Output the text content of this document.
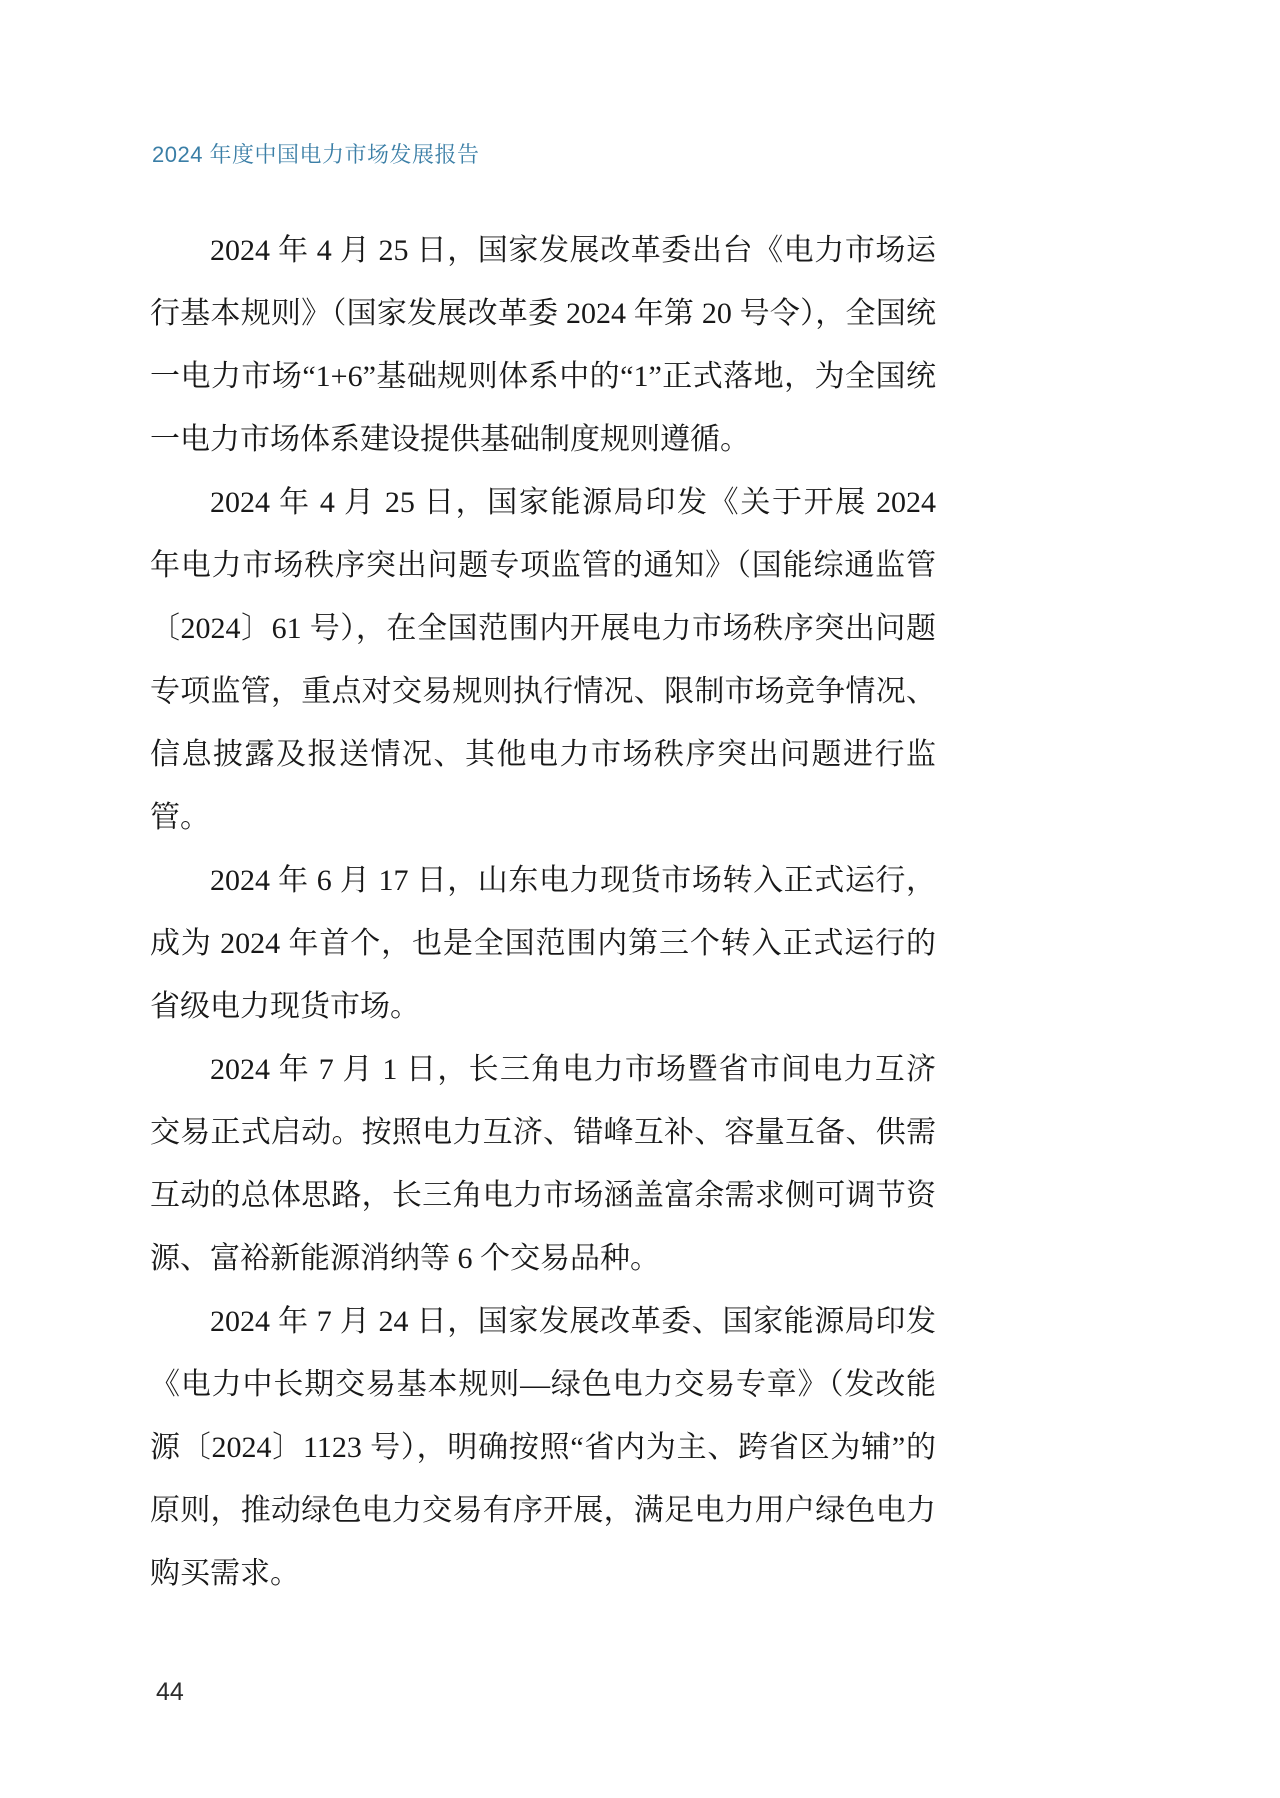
2024 年度中国电力市场发展报告

2024 年 4 月 25 日，国家发展改革委出台《电力市场运行基本规则》（国家发展改革委 2024 年第 20 号令），全国统一电力市场“1+6”基础规则体系中的“1”正式落地，为全国统一电力市场体系建设提供基础制度规则遵循。

2024 年 4 月 25 日，国家能源局印发《关于开展 2024 年电力市场秩序突出问题专项监管的通知》（国能综通监管〔2024〕61 号），在全国范围内开展电力市场秩序突出问题专项监管，重点对交易规则执行情况、限制市场竞争情况、信息披露及报送情况、其他电力市场秩序突出问题进行监管。

2024 年 6 月 17 日，山东电力现货市场转入正式运行，成为 2024 年首个，也是全国范围内第三个转入正式运行的省级电力现货市场。

2024 年 7 月 1 日，长三角电力市场暨省市间电力互济交易正式启动。按照电力互济、错峰互补、容量互备、供需互动的总体思路，长三角电力市场涵盖富余需求侧可调节资源、富裕新能源消纳等 6 个交易品种。

2024 年 7 月 24 日，国家发展改革委、国家能源局印发《电力中长期交易基本规则—绿色电力交易专章》（发改能源〔2024〕1123 号），明确按照“省内为主、跨省区为辅”的原则，推动绿色电力交易有序开展，满足电力用户绿色电力购买需求。

44
